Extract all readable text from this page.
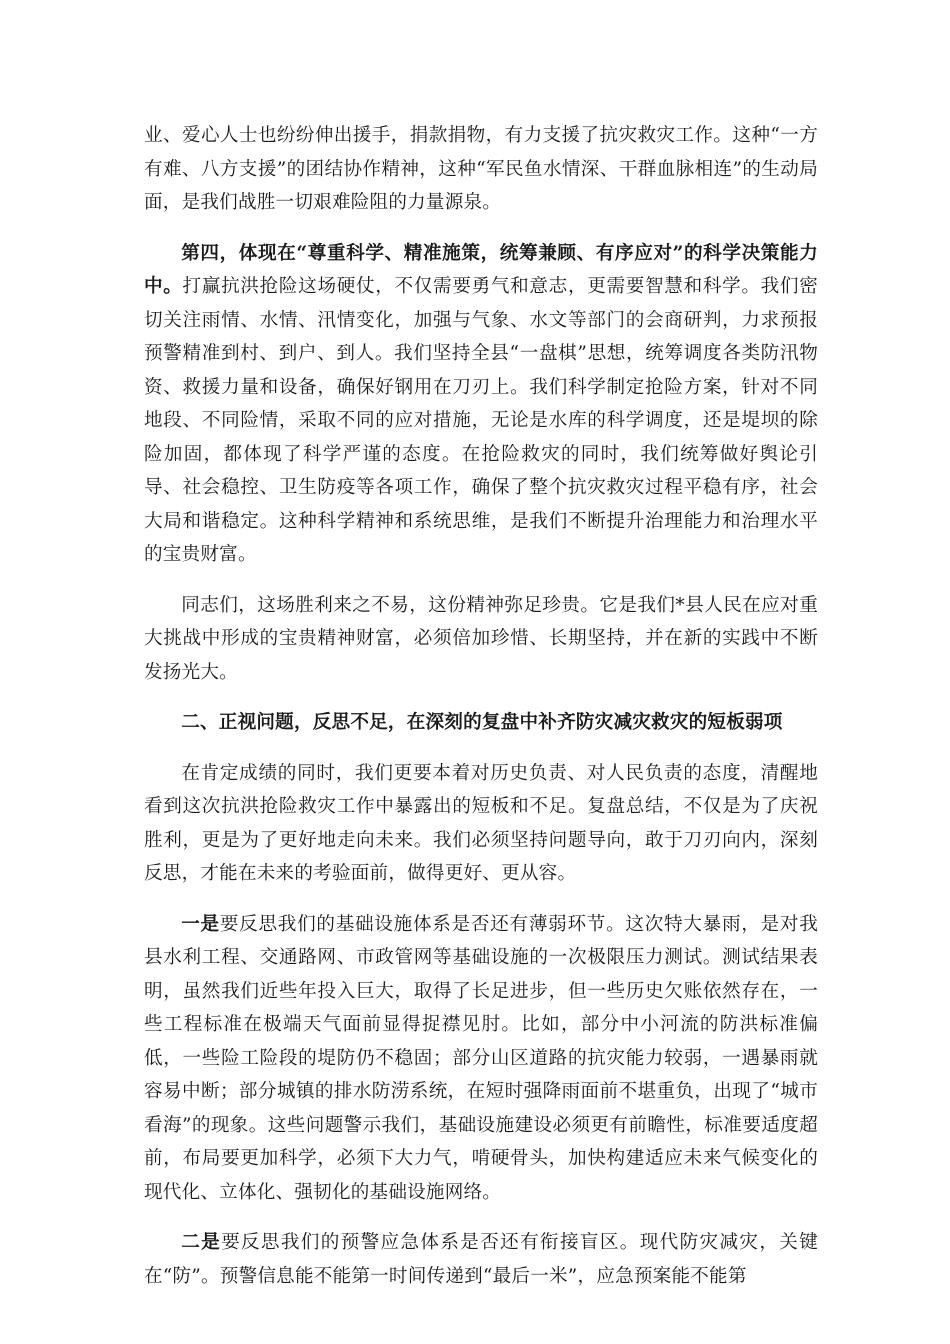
业、爱心人士也纷纷伸出援手，捐款捐物，有力支援了抗灾救灾工作。这种“一方有难、八方支援”的团结协作精神，这种“军民鱼水情深、干群血脉相连”的生动局面，是我们战胜一切艰难险阻的力量源泉。

第四，体现在“尊重科学、精准施策，统筹兼顾、有序应对”的科学决策能力中。打赢抗洪抢险这场硬仗，不仅需要勇气和意志，更需要智慧和科学。我们密切关注雨情、水情、汛情变化，加强与气象、水文等部门的会商研判，力求预报预警精准到村、到户、到人。我们坚持全县“一盘棋”思想，统筹调度各类防汛物资、救援力量和设备，确保好钢用在刀刃上。我们科学制定抢险方案，针对不同地段、不同险情，采取不同的应对措施，无论是水库的科学调度，还是堤坝的除险加固，都体现了科学严谨的态度。在抢险救灾的同时，我们统筹做好舆论引导、社会稳控、卫生防疫等各项工作，确保了整个抗灾救灾过程平稳有序，社会大局和谐稳定。这种科学精神和系统思维，是我们不断提升治理能力和治理水平的宝贵财富。

同志们，这场胜利来之不易，这份精神弥足珍贵。它是我们*县人民在应对重大挑战中形成的宝贵精神财富，必须倍加珍惜、长期坚持，并在新的实践中不断发扬光大。

二、正视问题，反思不足，在深刻的复盘中补齐防灾减灾救灾的短板弱项

在肯定成绩的同时，我们更要本着对历史负责、对人民负责的态度，清醒地看到这次抗洪抢险救灾工作中暴露出的短板和不足。复盘总结，不仅是为了庆祝胜利，更是为了更好地走向未来。我们必须坚持问题导向，敢于刀刃向内，深刻反思，才能在未来的考验面前，做得更好、更从容。

一是要反思我们的基础设施体系是否还有薄弱环节。这次特大暴雨，是对我县水利工程、交通路网、市政管网等基础设施的一次极限压力测试。测试结果表明，虽然我们近些年投入巨大，取得了长足进步，但一些历史欠账依然存在，一些工程标准在极端天气面前显得捉襟见肘。比如，部分中小河流的防洪标准偏低，一些险工险段的堤防仍不稳固；部分山区道路的抗灾能力较弱，一遇暴雨就容易中断；部分城镇的排水防涝系统，在短时强降雨面前不堪重负，出现了“城市看海”的现象。这些问题警示我们，基础设施建设必须更有前瞻性，标准要适度超前，布局要更加科学，必须下大力气，啃硬骨头，加快构建适应未来气候变化的现代化、立体化、强韧化的基础设施网络。

二是要反思我们的预警应急体系是否还有衔接盲区。现代防灾减灾，关键在“防”。预警信息能不能第一时间传递到“最后一米”，应急预案能不能第
